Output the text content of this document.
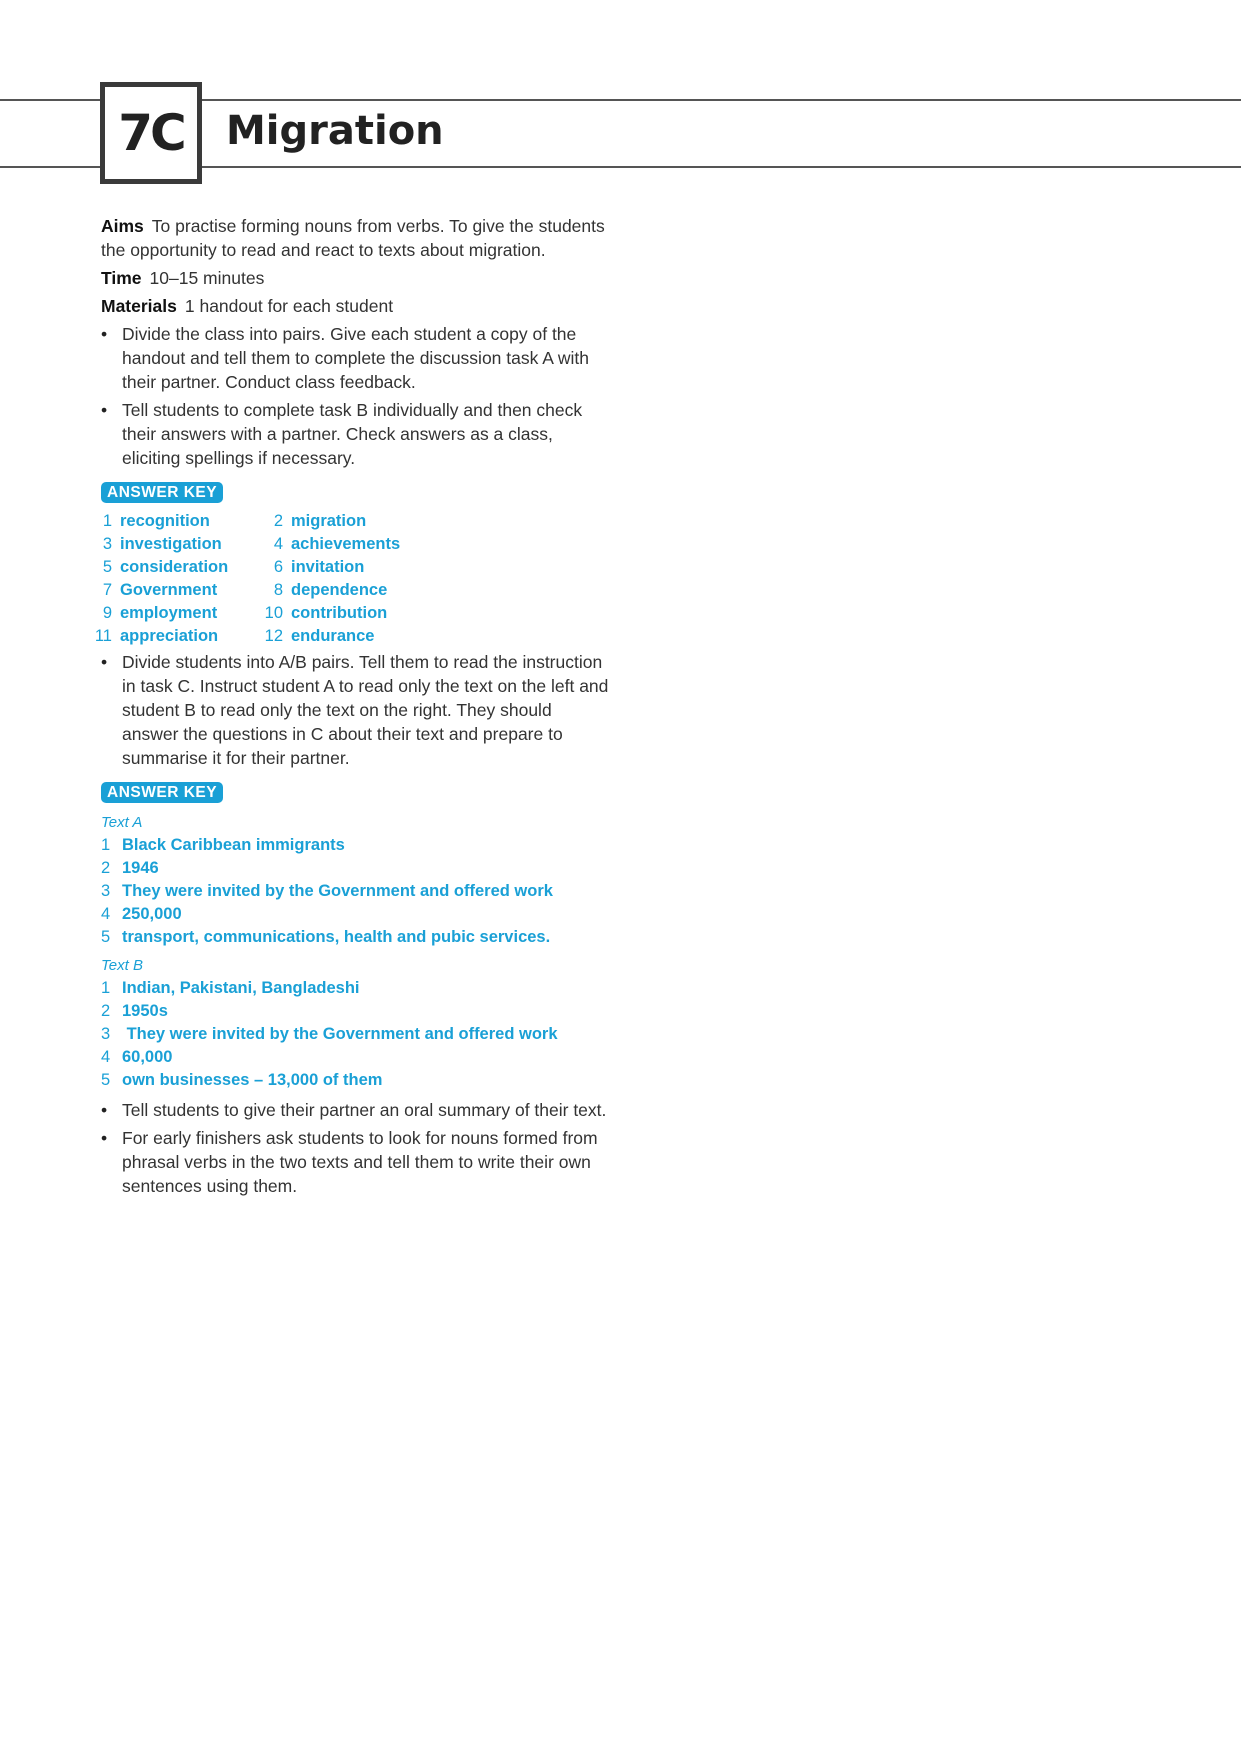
7C Migration

Aims To practise forming nouns from verbs. To give the students the opportunity to read and react to texts about migration.

Time 10–15 minutes

Materials 1 handout for each student

• Divide the class into pairs. Give each student a copy of the handout and tell them to complete the discussion task A with their partner. Conduct class feedback.
• Tell students to complete task B individually and then check their answers with a partner. Check answers as a class, eliciting spellings if necessary.
ANSWER KEY
1 recognition	2 migration
3 investigation	4 achievements
5 consideration	6 invitation
7 Government	8 dependence
9 employment	10 contribution
11 appreciation	12 endurance
• Divide students into A/B pairs. Tell them to read the instruction in task C. Instruct student A to read only the text on the left and student B to read only the text on the right. They should answer the questions in C about their text and prepare to summarise it for their partner.
ANSWER KEY
Text A
1 Black Caribbean immigrants
2 1946
3 They were invited by the Government and offered work
4 250,000
5 transport, communications, health and pubic services.
Text B
1 Indian, Pakistani, Bangladeshi
2 1950s
3 They were invited by the Government and offered work
4 60,000
5 own businesses – 13,000 of them
• Tell students to give their partner an oral summary of their text.
• For early finishers ask students to look for nouns formed from phrasal verbs in the two texts and tell them to write their own sentences using them.
